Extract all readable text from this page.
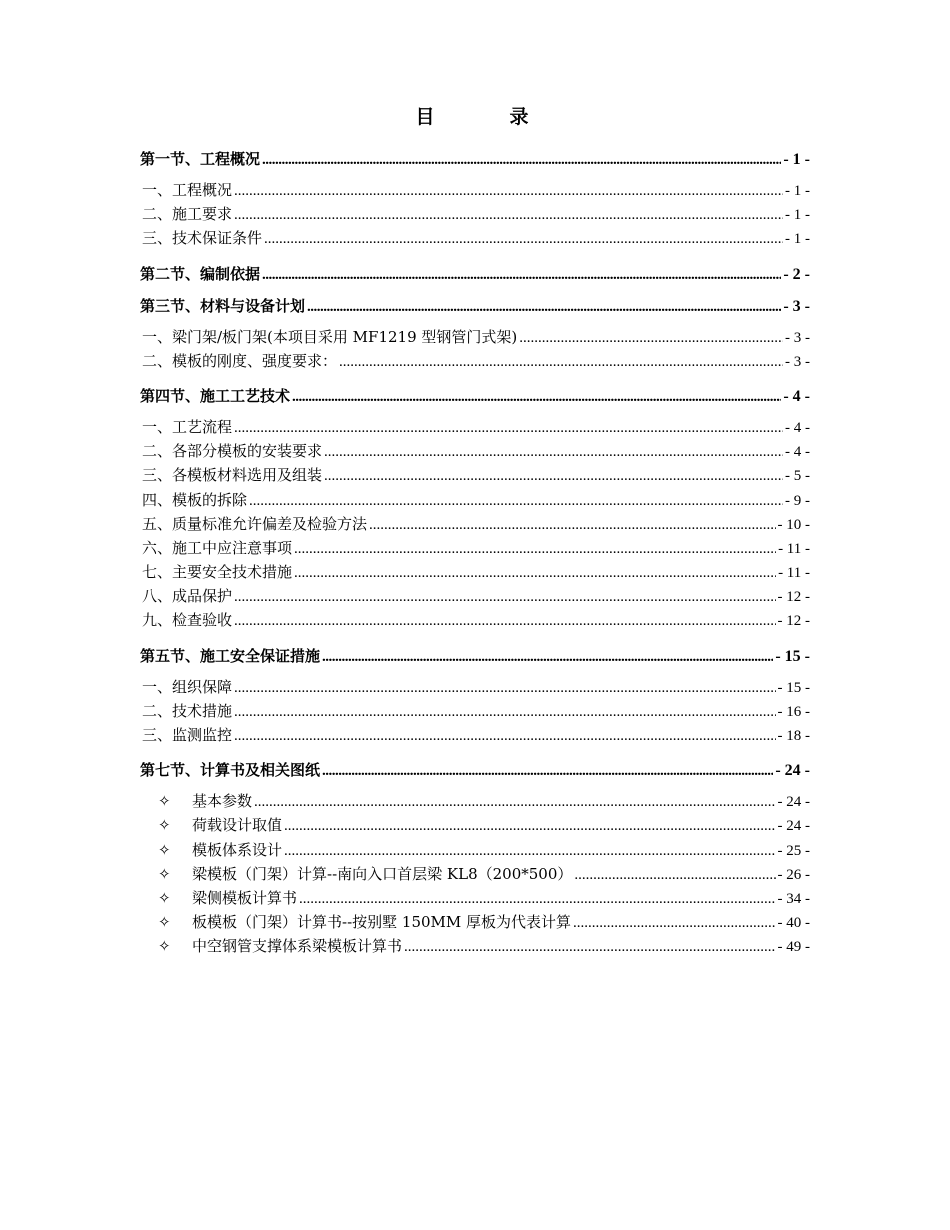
目　录
第一节、工程概况 .....	- 1 -
一、工程概况 .....	- 1 -
二、施工要求 .....	- 1 -
三、技术保证条件 .....	- 1 -
第二节、编制依据 .....	- 2 -
第三节、材料与设备计划 .....	- 3 -
一、梁门架/板门架(本项目采用 MF1219 型钢管门式架) .....	- 3 -
二、模板的刚度、强度要求： .....	- 3 -
第四节、施工工艺技术 .....	- 4 -
一、工艺流程 .....	- 4 -
二、各部分模板的安装要求 .....	- 4 -
三、各模板材料选用及组装 .....	- 5 -
四、模板的拆除 .....	- 9 -
五、质量标准允许偏差及检验方法 .....	- 10 -
六、施工中应注意事项 .....	- 11 -
七、主要安全技术措施 .....	- 11 -
八、成品保护 .....	- 12 -
九、检查验收 .....	- 12 -
第五节、施工安全保证措施 .....	- 15 -
一、组织保障 .....	- 15 -
二、技术措施 .....	- 16 -
三、监测监控 .....	- 18 -
第七节、计算书及相关图纸 .....	- 24 -
✧	基本参数 .....	- 24 -
✧	荷载设计取值 .....	- 24 -
✧	模板体系设计 .....	- 25 -
✧	梁模板（门架）计算--南向入口首层梁 KL8（200*500） .....	- 26 -
✧	梁侧模板计算书 .....	- 34 -
✧	板模板（门架）计算书--按别墅 150MM 厚板为代表计算 .....	- 40 -
✧	中空钢管支撑体系梁模板计算书 .....	- 49 -
